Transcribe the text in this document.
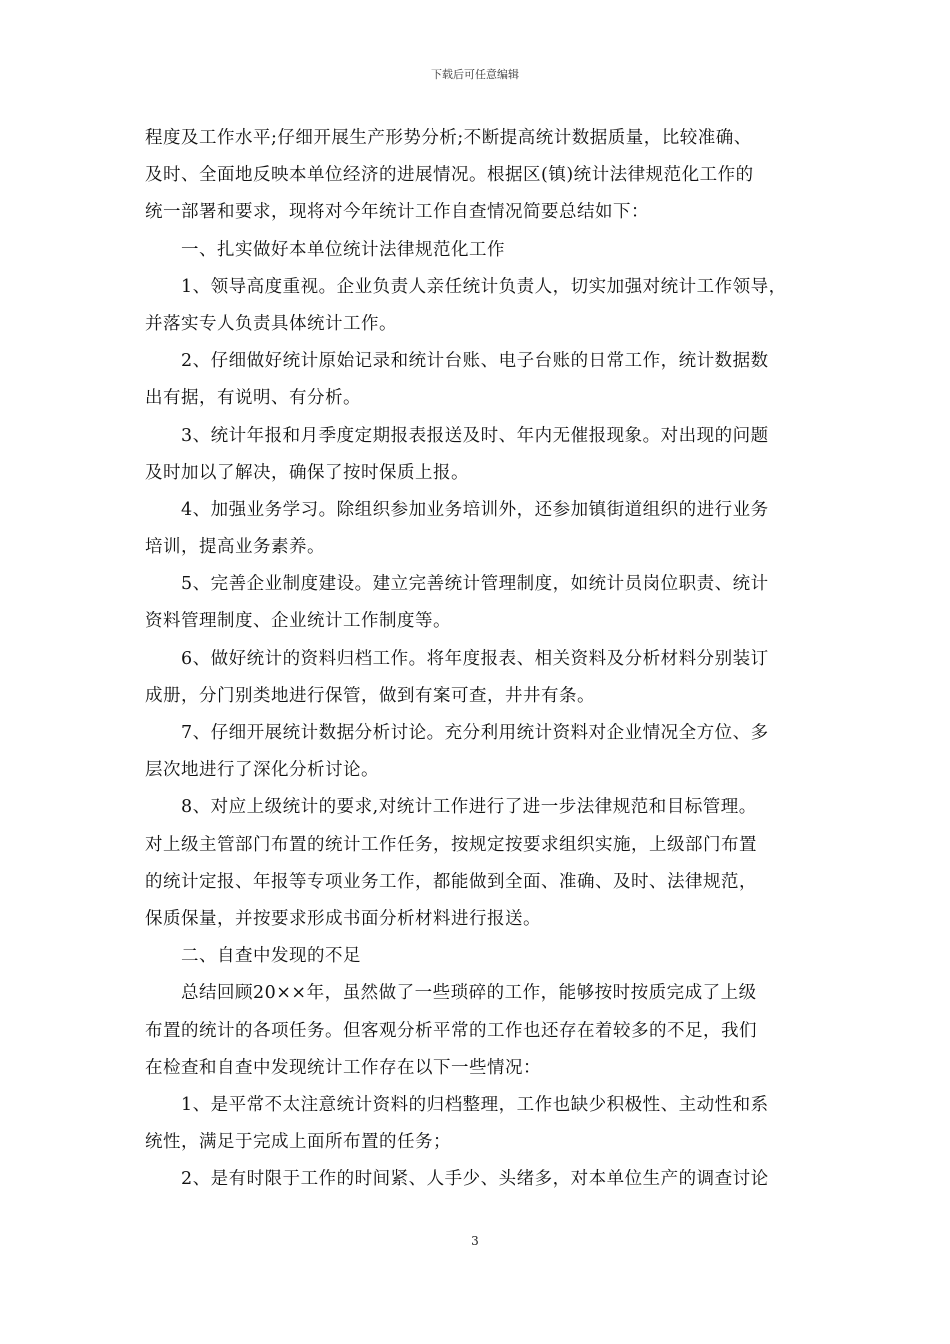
下载后可任意编辑
程度及工作水平;仔细开展生产形势分析;不断提高统计数据质量，比较准确、
及时、全面地反映本单位经济的进展情况。根据区(镇)统计法律规范化工作的
统一部署和要求，现将对今年统计工作自查情况简要总结如下：
一、扎实做好本单位统计法律规范化工作
1、领导高度重视。企业负责人亲任统计负责人，切实加强对统计工作领导，
并落实专人负责具体统计工作。
2、仔细做好统计原始记录和统计台账、电子台账的日常工作，统计数据数
出有据，有说明、有分析。
3、统计年报和月季度定期报表报送及时、年内无催报现象。对出现的问题
及时加以了解决，确保了按时保质上报。
4、加强业务学习。除组织参加业务培训外，还参加镇街道组织的进行业务
培训，提高业务素养。
5、完善企业制度建设。建立完善统计管理制度，如统计员岗位职责、统计
资料管理制度、企业统计工作制度等。
6、做好统计的资料归档工作。将年度报表、相关资料及分析材料分别装订
成册，分门别类地进行保管，做到有案可查，井井有条。
7、仔细开展统计数据分析讨论。充分利用统计资料对企业情况全方位、多
层次地进行了深化分析讨论。
8、对应上级统计的要求,对统计工作进行了进一步法律规范和目标管理。
对上级主管部门布置的统计工作任务，按规定按要求组织实施，上级部门布置
的统计定报、年报等专项业务工作，都能做到全面、准确、及时、法律规范，
保质保量，并按要求形成书面分析材料进行报送。
二、自查中发现的不足
总结回顾20××年，虽然做了一些琐碎的工作，能够按时按质完成了上级
布置的统计的各项任务。但客观分析平常的工作也还存在着较多的不足，我们
在检查和自查中发现统计工作存在以下一些情况：
1、是平常不太注意统计资料的归档整理，工作也缺少积极性、主动性和系
统性，满足于完成上面所布置的任务；
2、是有时限于工作的时间紧、人手少、头绪多，对本单位生产的调查讨论
3
